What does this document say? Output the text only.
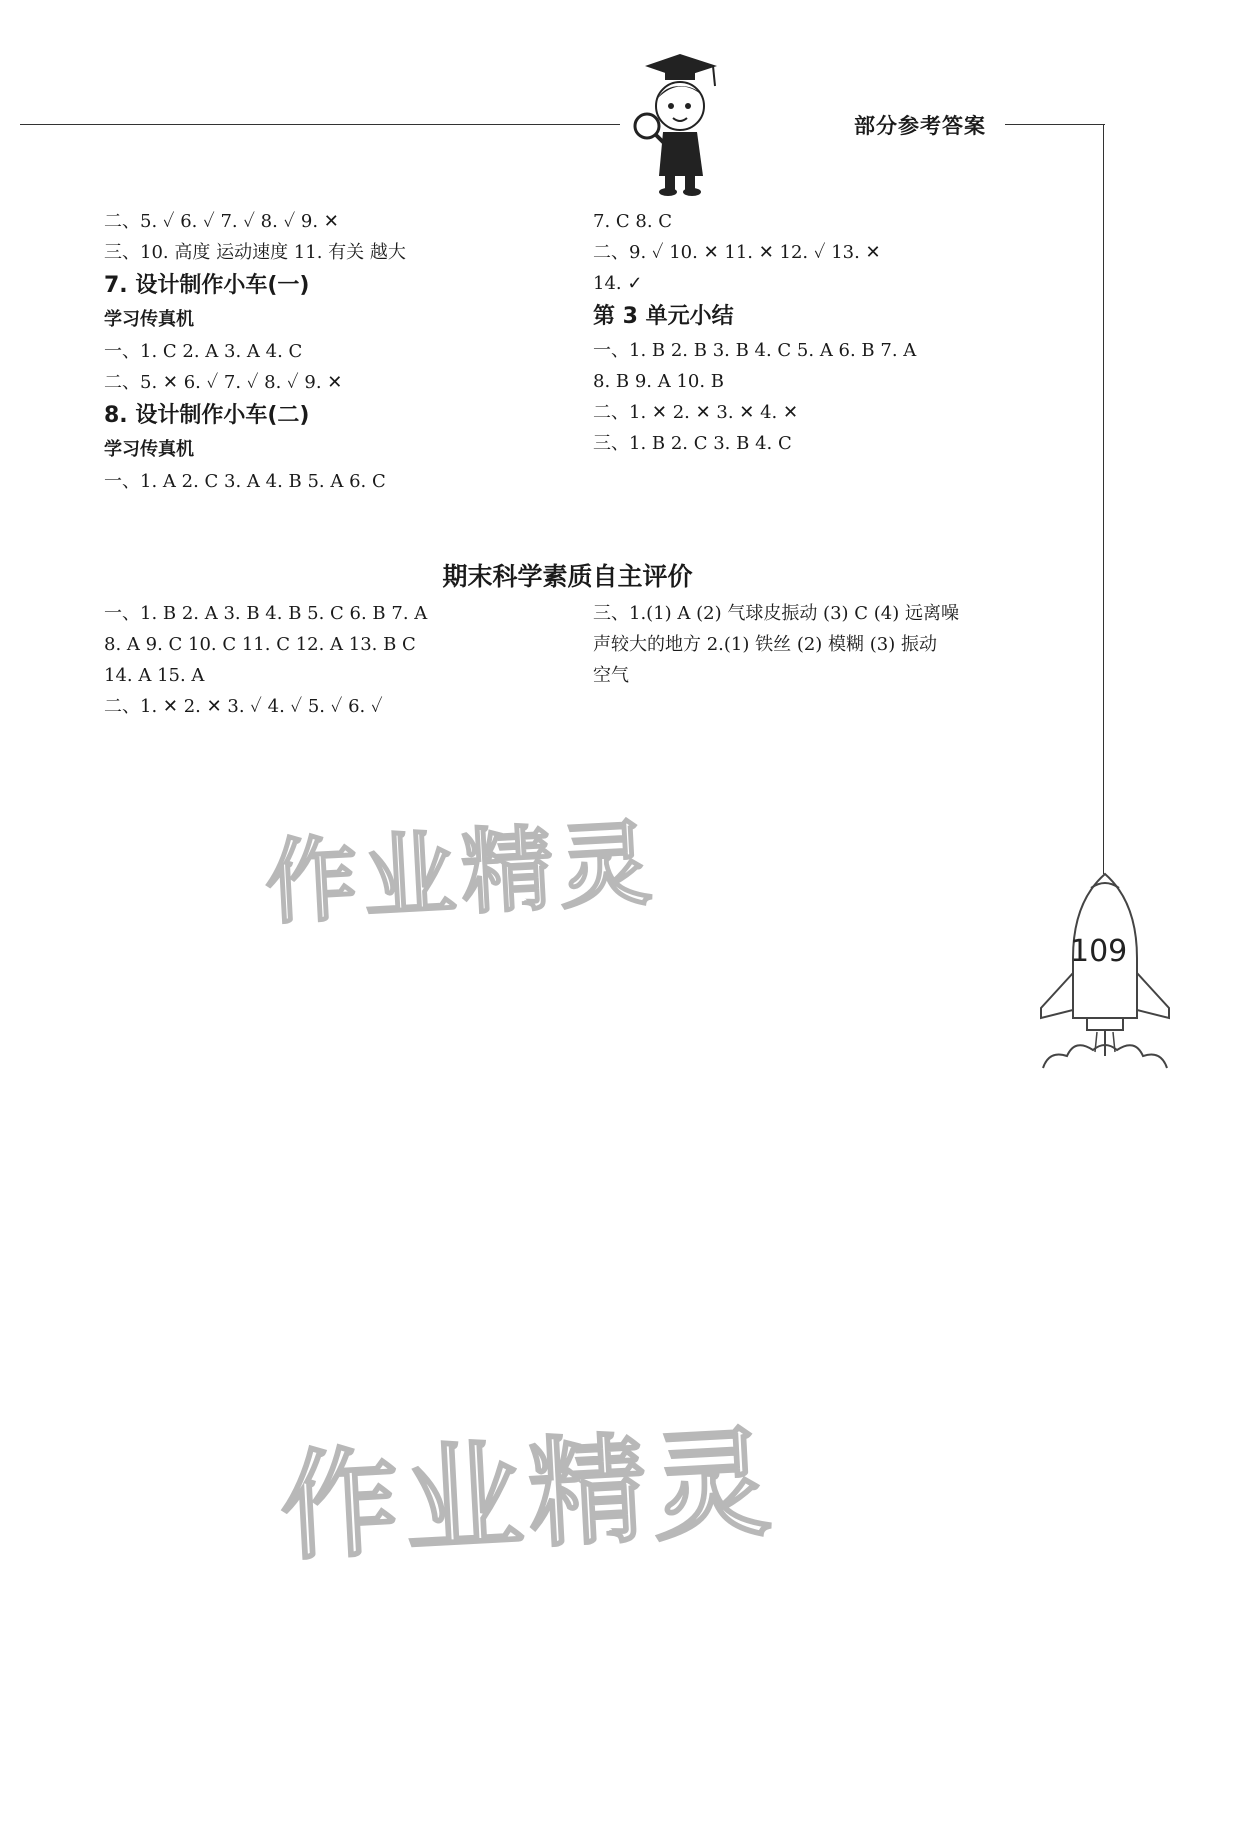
部分参考答案
二、5. ✓ 6. ✓ 7. ✓ 8. ✓ 9. ✕
三、10. 高度 运动速度 11. 有关 越大
7. 设计制作小车(一)
学习传真机
一、1. C 2. A 3. A 4. C
二、5. ✕ 6. ✓ 7. ✓ 8. ✓ 9. ✕
8. 设计制作小车(二)
学习传真机
一、1. A 2. C 3. A 4. B 5. A 6. C
7. C 8. C
二、9. ✓ 10. ✕ 11. ✕ 12. ✓ 13. ✕
14. ✓
第 3 单元小结
一、1. B 2. B 3. B 4. C 5. A 6. B 7. A
8. B 9. A 10. B
二、1. ✕ 2. ✕ 3. ✕ 4. ✕
三、1. B 2. C 3. B 4. C
期末科学素质自主评价
一、1. B 2. A 3. B 4. B 5. C 6. B 7. A
8. A 9. C 10. C 11. C 12. A 13. B C
14. A 15. A
二、1. ✕ 2. ✕ 3. ✓ 4. ✓ 5. ✓ 6. ✓
三、1.(1) A (2) 气球皮振动 (3) C (4) 远离噪
声较大的地方 2.(1) 铁丝 (2) 模糊 (3) 振动
空气
作业精灵
作业精灵
109
